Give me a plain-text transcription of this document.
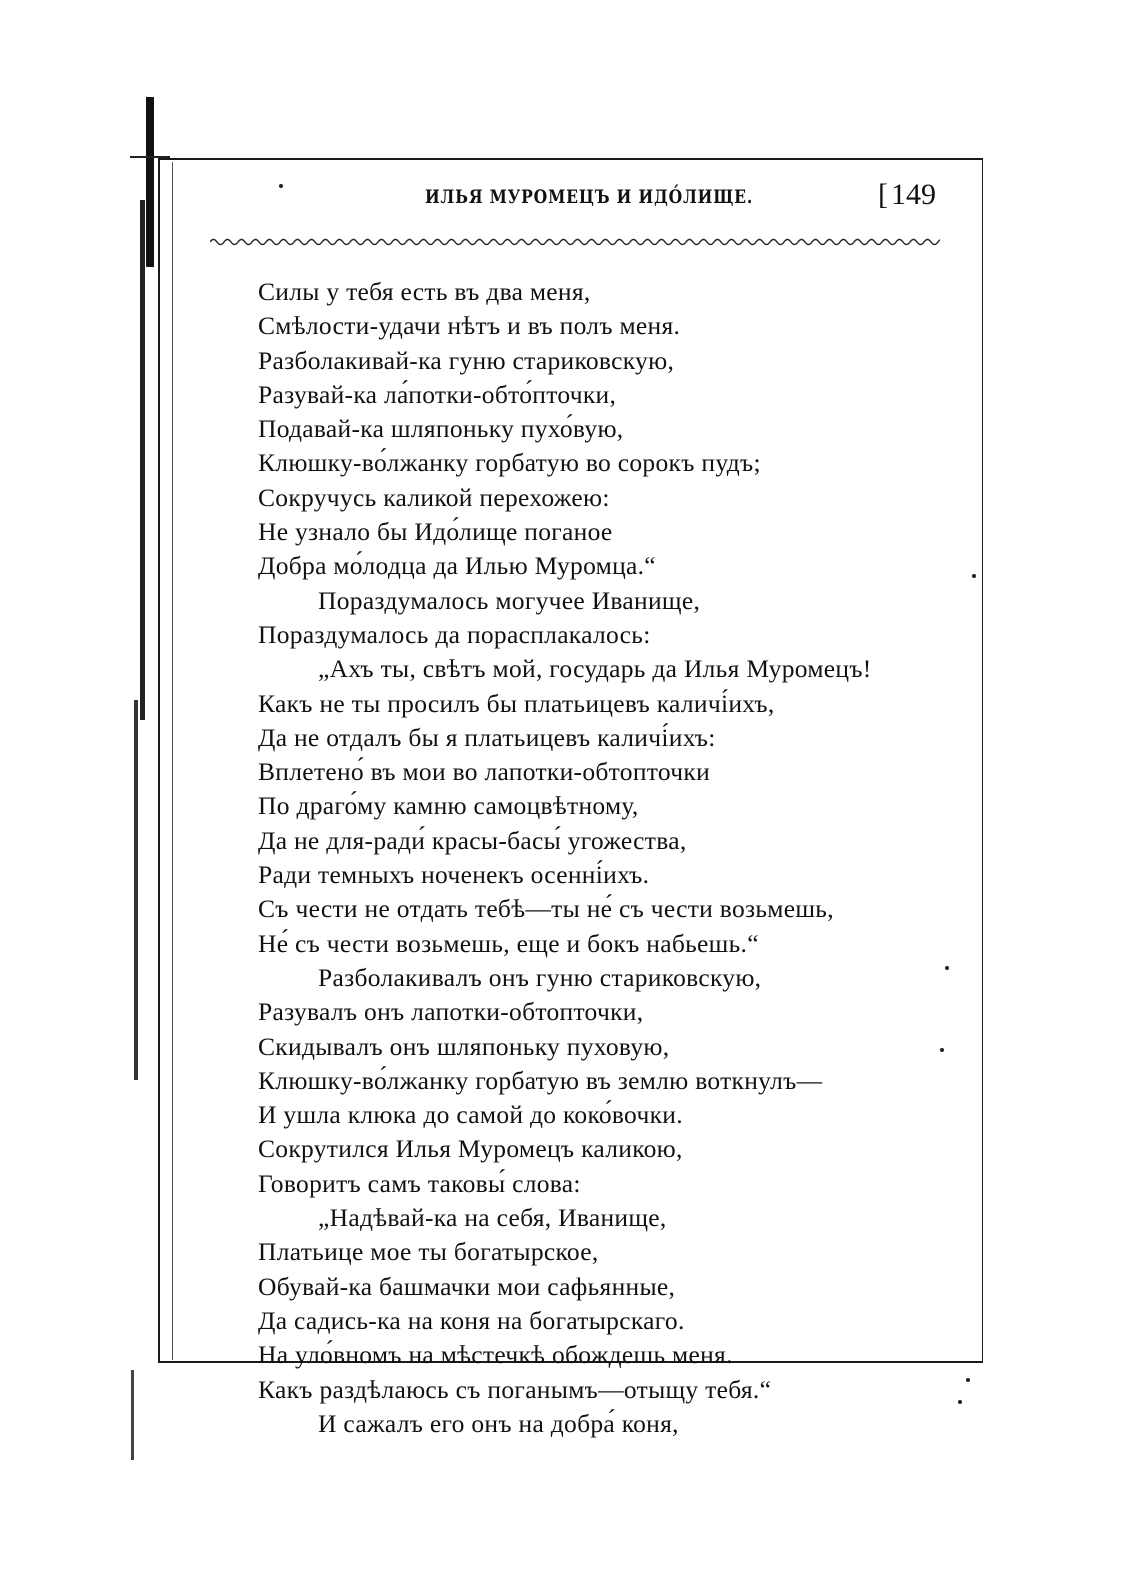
ИЛЬЯ МУРОМЕЦЪ И ИДО́ЛИЩЕ.	[ 149
Силы у тебя есть въ два меня,
Смѣлости-удачи нѣтъ и въ полъ меня.
Разболакивай-ка гуню стариковскую,
Разувай-ка ла́потки-обто́пточки,
Подавай-ка шляпоньку пухо́вую,
Клюшку-во́лжанку горбатую во сорокъ пудъ;
Сокручусь каликой перехожею:
Не узнало бы Идо́лище поганое
Добра мо́лодца да Илью Муромца.“
Пораздумалось могучее Иванище,
Пораздумалось да порасплакалось:
„Ахъ ты, свѣтъ мой, государь да Илья Муромецъ!
Какъ не ты просилъ бы платьицевъ каличі́ихъ,
Да не отдалъ бы я платьицевъ каличі́ихъ:
Вплетено́ въ мои во лапотки-обтопточки
По драго́му камню самоцвѣтному,
Да не для-ради́ красы-басы́ угожества,
Ради темныхъ ноченекъ осенні́ихъ.
Съ чести не отдать тебѣ—ты не́ съ чести возьмешь,
Не́ съ чести возьмешь, еще и бокъ набьешь.“
Разболакивалъ онъ гуню стариковскую,
Разувалъ онъ лапотки-обтопточки,
Скидывалъ онъ шляпоньку пуховую,
Клюшку-во́лжанку горбатую въ землю воткнулъ—
И ушла клюка до самой до коко́вочки.
Сокрутился Илья Муромецъ каликою,
Говоритъ самъ таковы́ слова:
„Надѣвай-ка на себя, Иванище,
Платьице мое ты богатырское,
Обувай-ка башмачки мои сафьянные,
Да садись-ка на коня на богатырскаго.
На уло́вномъ на мѣстечкѣ обождешь меня.
Какъ раздѣлаюсь съ поганымъ—отыщу тебя.“
И сажалъ его онъ на добра́ коня,
